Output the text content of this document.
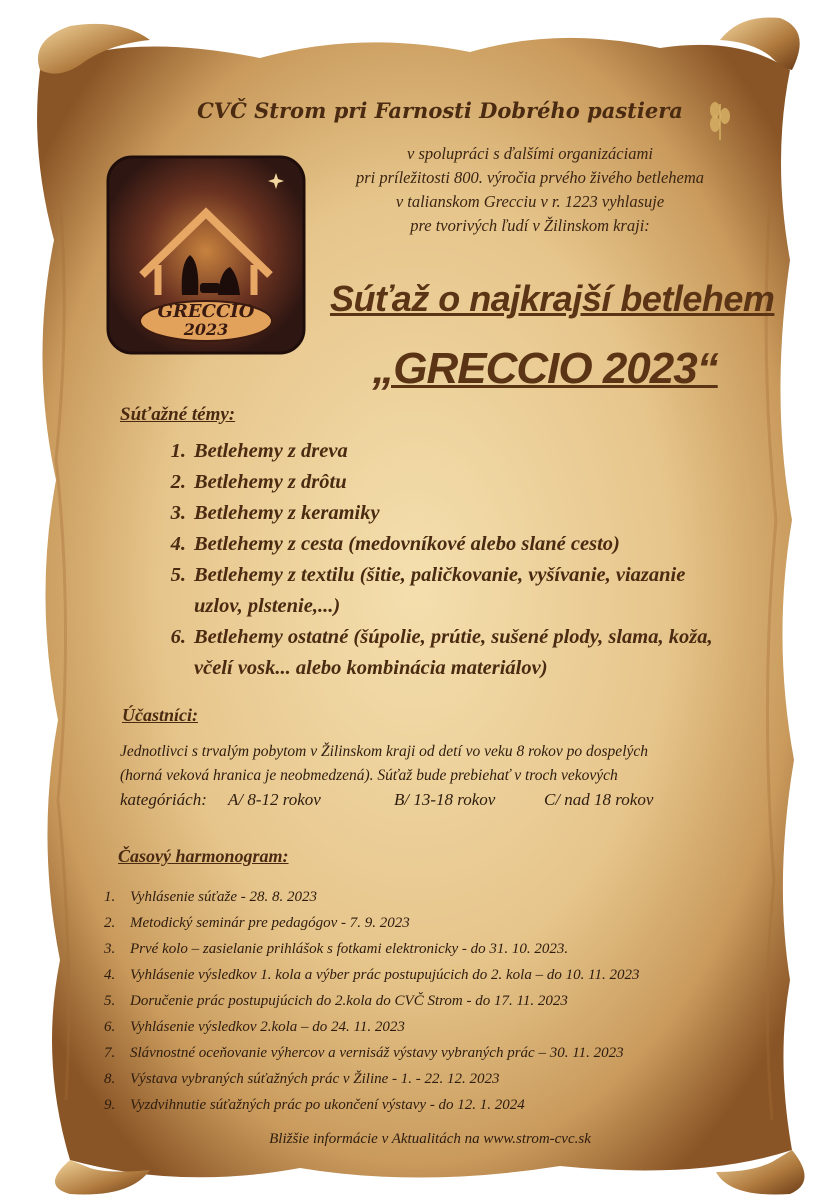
CVČ Strom pri Farnosti Dobrého pastiera

v spolupráci s ďalšími organizáciami
pri príležitosti 800. výročia prvého živého betlehema
v talianskom Grecciu v r. 1223 vyhlasuje
pre tvorivých ľudí v Žilinskom kraji:
GRECCIO
2023

Súťaž o najkrajší betlehem

„GRECCIO 2023“

Súťažné témy:

1. Betlehemy z dreva
2. Betlehemy z drôtu
3. Betlehemy z keramiky
4. Betlehemy z cesta (medovníkové alebo slané cesto)
5. Betlehemy z textilu (šitie, paličkovanie, vyšívanie, viazanie
uzlov, plstenie,...)
6. Betlehemy ostatné (šúpolie, prútie, sušené plody, slama, koža,
včelí vosk... alebo kombinácia materiálov)

Účastníci:

Jednotlivci s trvalým pobytom v Žilinskom kraji od detí vo veku 8 rokov po dospelých
(horná veková hranica je neobmedzená). Súťaž bude prebiehať v troch vekových
kategóriách: A/ 8-12 rokov	B/ 13-18 rokov	C/ nad 18 rokov

Časový harmonogram:

1. Vyhlásenie súťaže - 28. 8. 2023
2. Metodický seminár pre pedagógov - 7. 9. 2023
3. Prvé kolo – zasielanie prihlášok s fotkami elektronicky - do 31. 10. 2023.
4. Vyhlásenie výsledkov 1. kola a výber prác postupujúcich do 2. kola – do 10. 11. 2023
5. Doručenie prác postupujúcich do 2.kola do CVČ Strom - do 17. 11. 2023
6. Vyhlásenie výsledkov 2.kola – do 24. 11. 2023
7. Slávnostné oceňovanie výhercov a vernisáž výstavy vybraných prác – 30. 11. 2023
8. Výstava vybraných súťažných prác v Žiline - 1. - 22. 12. 2023
9. Vyzdvihnutie súťažných prác po ukončení výstavy - do 12. 1. 2024

Bližšie informácie v Aktualitách na www.strom-cvc.sk
